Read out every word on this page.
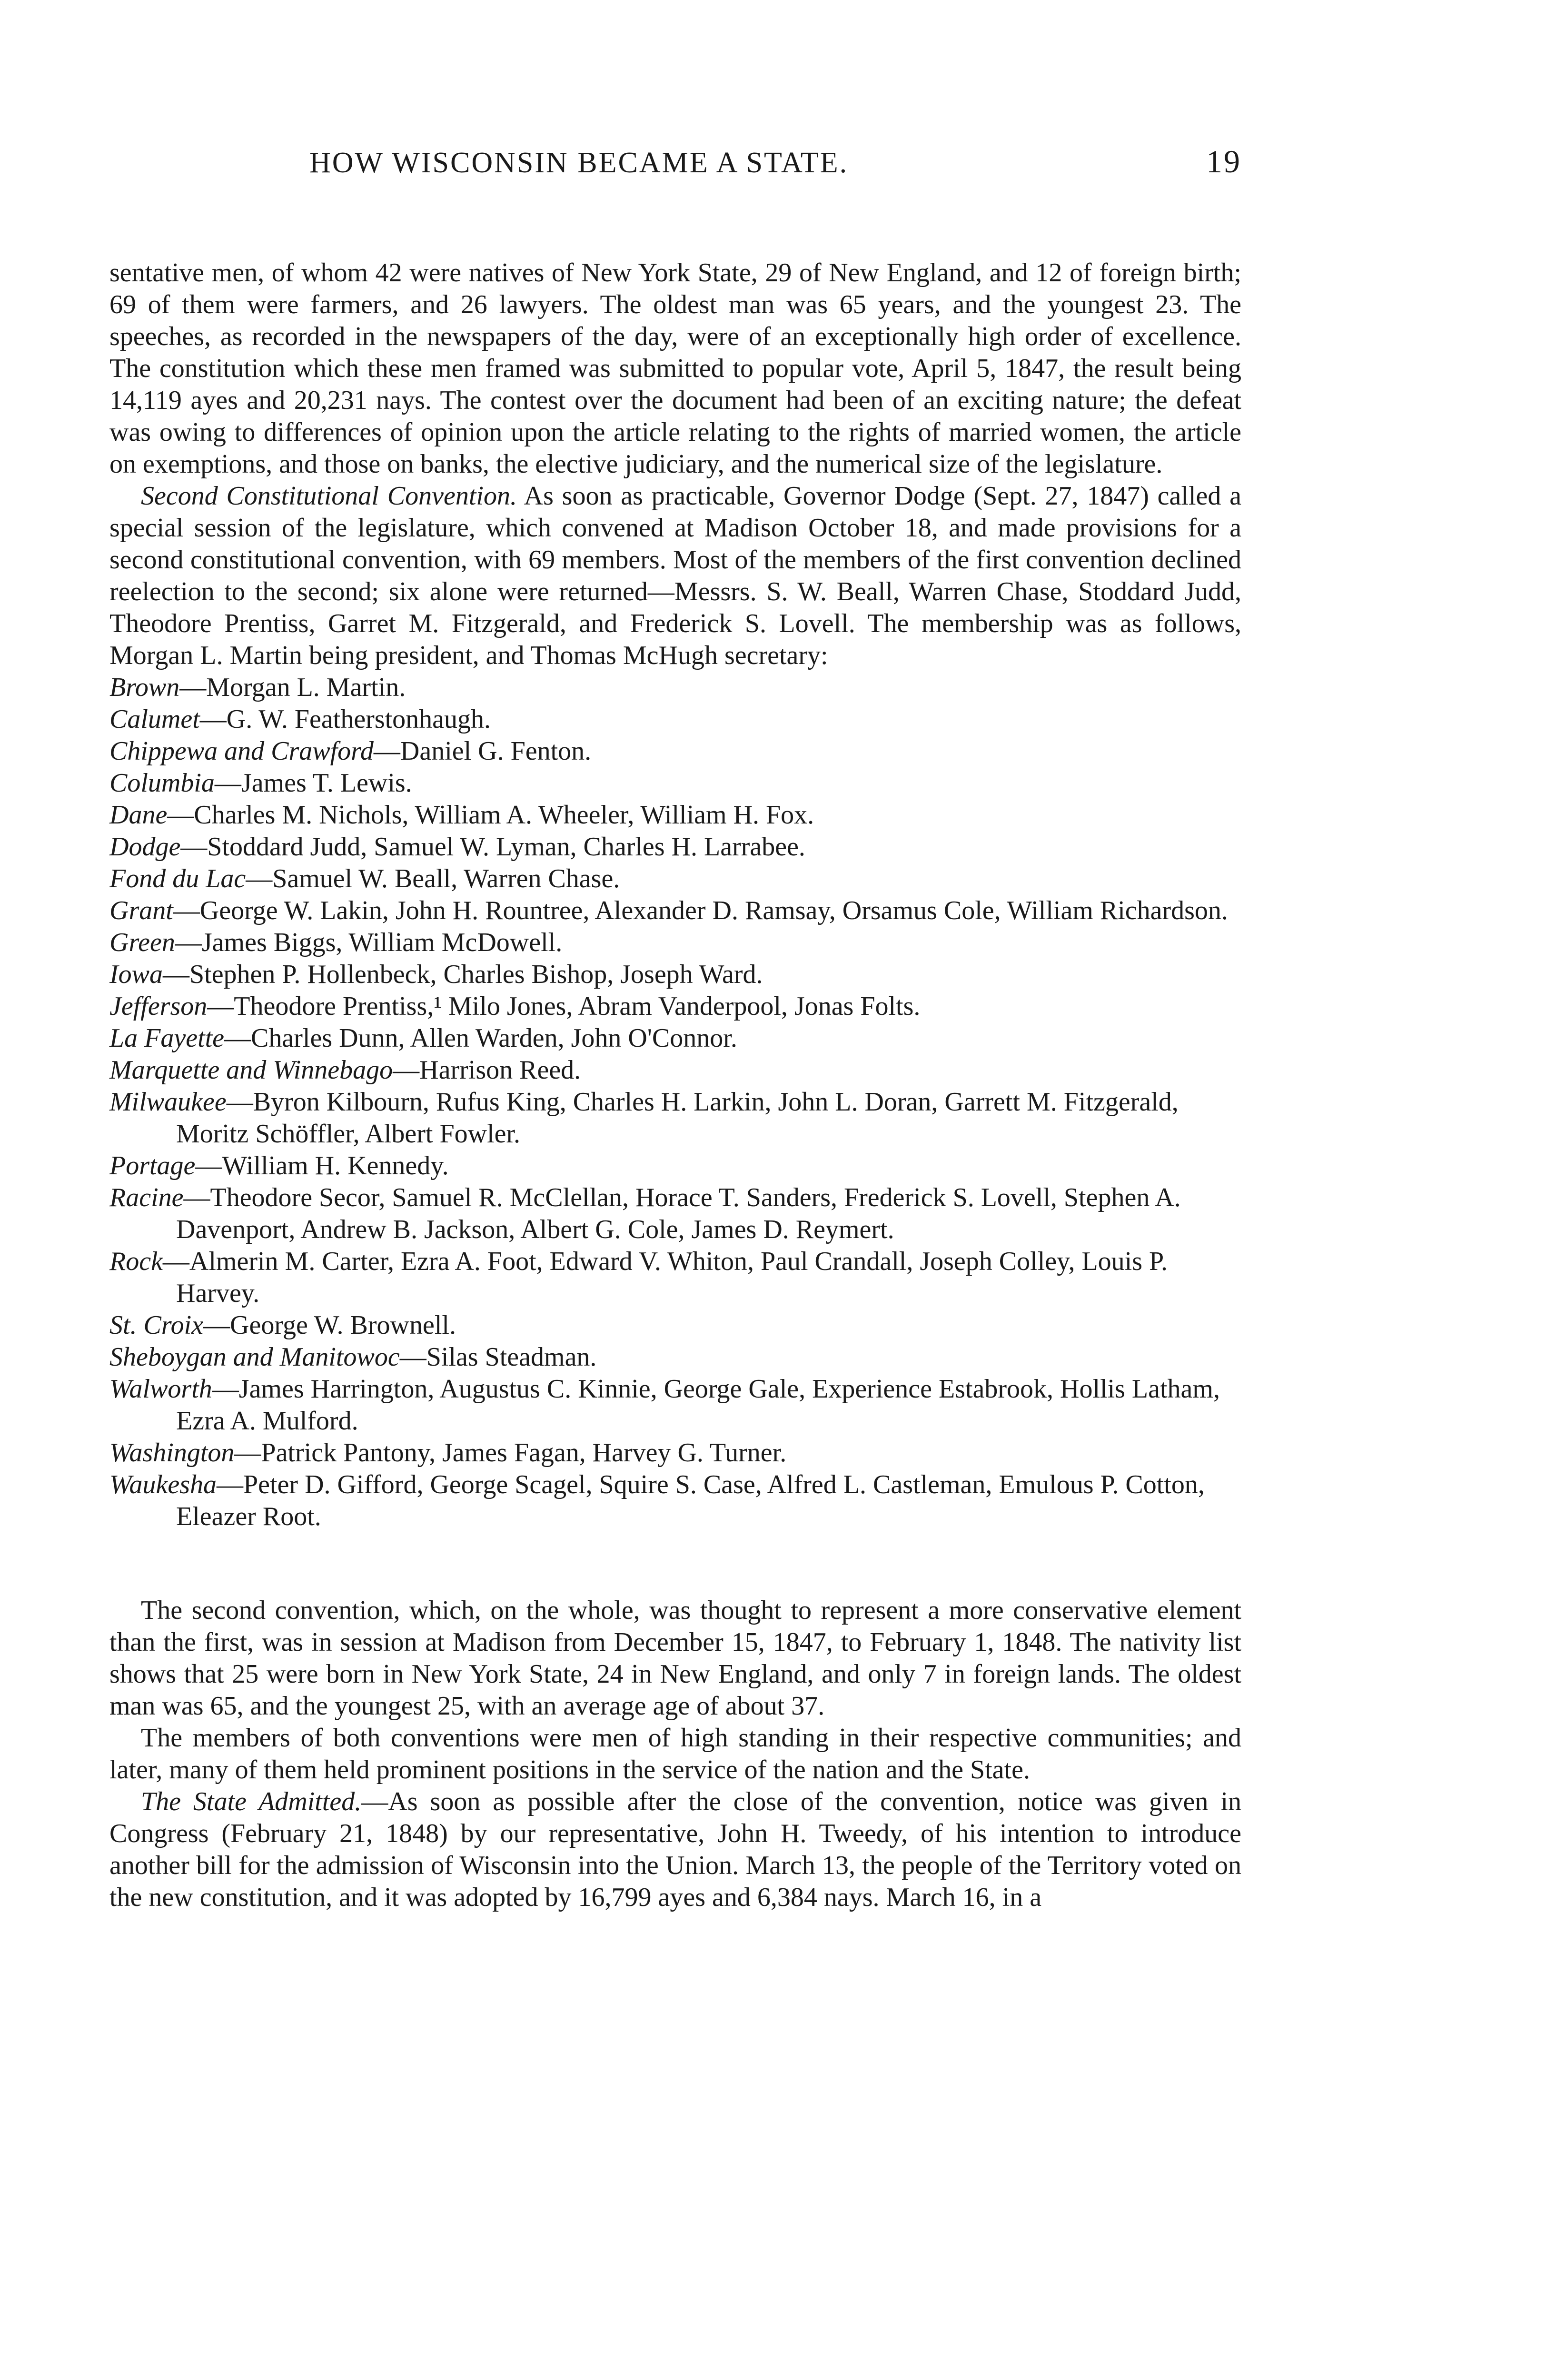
HOW WISCONSIN BECAME A STATE.	19

sentative men, of whom 42 were natives of New York State, 29 of New England, and 12 of foreign birth; 69 of them were farmers, and 26 lawyers. The oldest man was 65 years, and the youngest 23. The speeches, as recorded in the newspapers of the day, were of an exceptionally high order of excellence. The constitution which these men framed was submitted to popular vote, April 5, 1847, the result being 14,119 ayes and 20,231 nays. The contest over the document had been of an exciting nature; the defeat was owing to differences of opinion upon the article relating to the rights of married women, the article on exemptions, and those on banks, the elective judiciary, and the numerical size of the legislature.

Second Constitutional Convention. As soon as practicable, Governor Dodge (Sept. 27, 1847) called a special session of the legislature, which convened at Madison October 18, and made provisions for a second constitutional convention, with 69 members. Most of the members of the first convention declined reelection to the second; six alone were returned—Messrs. S. W. Beall, Warren Chase, Stoddard Judd, Theodore Prentiss, Garret M. Fitzgerald, and Frederick S. Lovell. The membership was as follows, Morgan L. Martin being president, and Thomas McHugh secretary:

Brown—Morgan L. Martin.
Calumet—G. W. Featherstonhaugh.
Chippewa and Crawford—Daniel G. Fenton.
Columbia—James T. Lewis.
Dane—Charles M. Nichols, William A. Wheeler, William H. Fox.
Dodge—Stoddard Judd, Samuel W. Lyman, Charles H. Larrabee.
Fond du Lac—Samuel W. Beall, Warren Chase.
Grant—George W. Lakin, John H. Rountree, Alexander D. Ramsay, Orsamus Cole, William Richardson.
Green—James Biggs, William McDowell.
Iowa—Stephen P. Hollenbeck, Charles Bishop, Joseph Ward.
Jefferson—Theodore Prentiss,¹ Milo Jones, Abram Vanderpool, Jonas Folts.
La Fayette—Charles Dunn, Allen Warden, John O'Connor.
Marquette and Winnebago—Harrison Reed.
Milwaukee—Byron Kilbourn, Rufus King, Charles H. Larkin, John L. Doran, Garrett M. Fitzgerald, Moritz Schöffler, Albert Fowler.
Portage—William H. Kennedy.
Racine—Theodore Secor, Samuel R. McClellan, Horace T. Sanders, Frederick S. Lovell, Stephen A. Davenport, Andrew B. Jackson, Albert G. Cole, James D. Reymert.
Rock—Almerin M. Carter, Ezra A. Foot, Edward V. Whiton, Paul Crandall, Joseph Colley, Louis P. Harvey.
St. Croix—George W. Brownell.
Sheboygan and Manitowoc—Silas Steadman.
Walworth—James Harrington, Augustus C. Kinnie, George Gale, Experience Estabrook, Hollis Latham, Ezra A. Mulford.
Washington—Patrick Pantony, James Fagan, Harvey G. Turner.
Waukesha—Peter D. Gifford, George Scagel, Squire S. Case, Alfred L. Castleman, Emulous P. Cotton, Eleazer Root.

The second convention, which, on the whole, was thought to represent a more conservative element than the first, was in session at Madison from December 15, 1847, to February 1, 1848. The nativity list shows that 25 were born in New York State, 24 in New England, and only 7 in foreign lands. The oldest man was 65, and the youngest 25, with an average age of about 37.

The members of both conventions were men of high standing in their respective communities; and later, many of them held prominent positions in the service of the nation and the State.

The State Admitted.—As soon as possible after the close of the convention, notice was given in Congress (February 21, 1848) by our representative, John H. Tweedy, of his intention to introduce another bill for the admission of Wisconsin into the Union. March 13, the people of the Territory voted on the new constitution, and it was adopted by 16,799 ayes and 6,384 nays. March 16, in a
